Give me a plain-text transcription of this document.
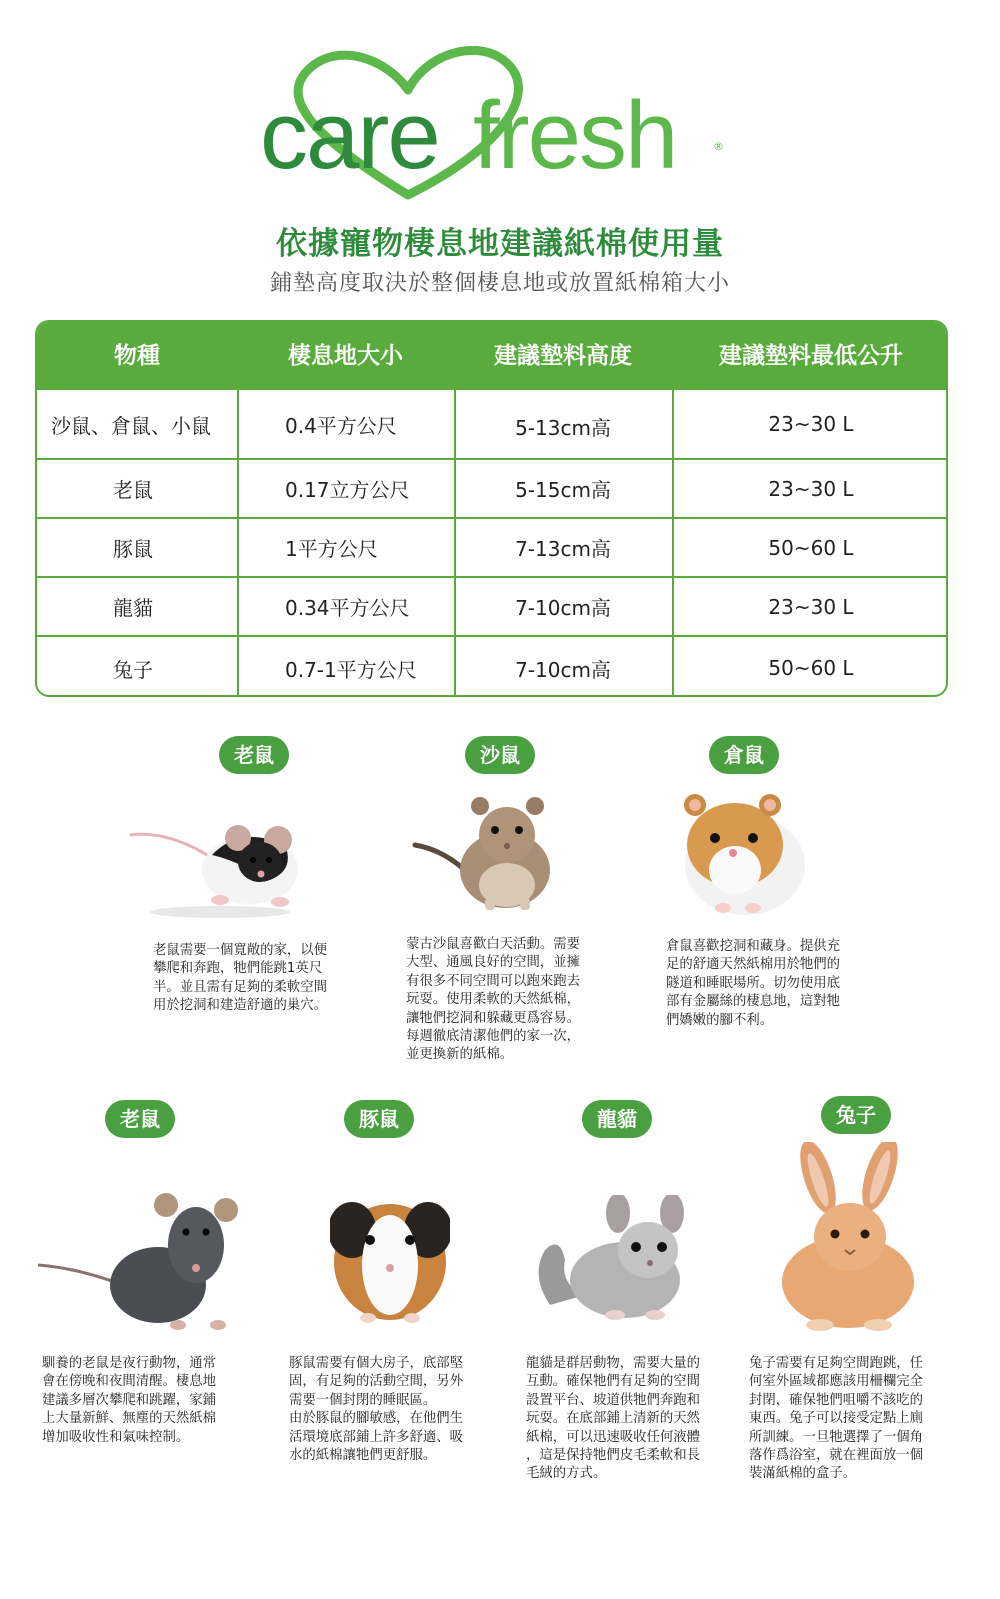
care fresh	®
依據寵物棲息地建議紙棉使用量
鋪墊高度取決於整個棲息地或放置紙棉箱大小
物種	棲息地大小	建議墊料高度	建議墊料最低公升
沙鼠、倉鼠、小鼠	0.4平方公尺	5-13cm高	23~30 L
老鼠	0.17立方公尺	5-15cm高	23~30 L
豚鼠	1平方公尺	7-13cm高	50~60 L
龍貓	0.34平方公尺	7-10cm高	23~30 L
兔子	0.7-1平方公尺	7-10cm高	50~60 L
老鼠	沙鼠	倉鼠
老鼠需要一個寬敞的家，以便
攀爬和奔跑，牠們能跳1英尺
半。並且需有足夠的柔軟空間
用於挖洞和建造舒適的巢穴。
蒙古沙鼠喜歡白天活動。需要
大型、通風良好的空間，並擁
有很多不同空間可以跑來跑去
玩耍。使用柔軟的天然紙棉，
讓牠們挖洞和躲藏更爲容易。
每週徹底清潔他們的家一次，
並更換新的紙棉。
倉鼠喜歡挖洞和藏身。提供充
足的舒適天然紙棉用於牠們的
隧道和睡眠場所。切勿使用底
部有金屬絲的棲息地，這對牠
們嬌嫩的腳不利。
老鼠	豚鼠	龍貓	兔子
馴養的老鼠是夜行動物，通常
會在傍晚和夜間清醒。棲息地
建議多層次攀爬和跳躍，家鋪
上大量新鮮、無塵的天然紙棉
增加吸收性和氣味控制。
豚鼠需要有個大房子，底部堅
固，有足夠的活動空間，另外
需要一個封閉的睡眠區。
由於豚鼠的腳敏感，在他們生
活環境底部鋪上許多舒適、吸
水的紙棉讓牠們更舒服。
龍貓是群居動物，需要大量的
互動。確保牠們有足夠的空間
設置平台、坡道供牠們奔跑和
玩耍。在底部鋪上清新的天然
紙棉，可以迅速吸收任何液體
，這是保持牠們皮毛柔軟和長
毛絨的方式。
兔子需要有足夠空間跑跳，任
何室外區域都應該用柵欄完全
封閉，確保牠們咀嚼不該吃的
東西。兔子可以接受定點上廁
所訓練。一旦牠選擇了一個角
落作爲浴室，就在裡面放一個
裝滿紙棉的盒子。
